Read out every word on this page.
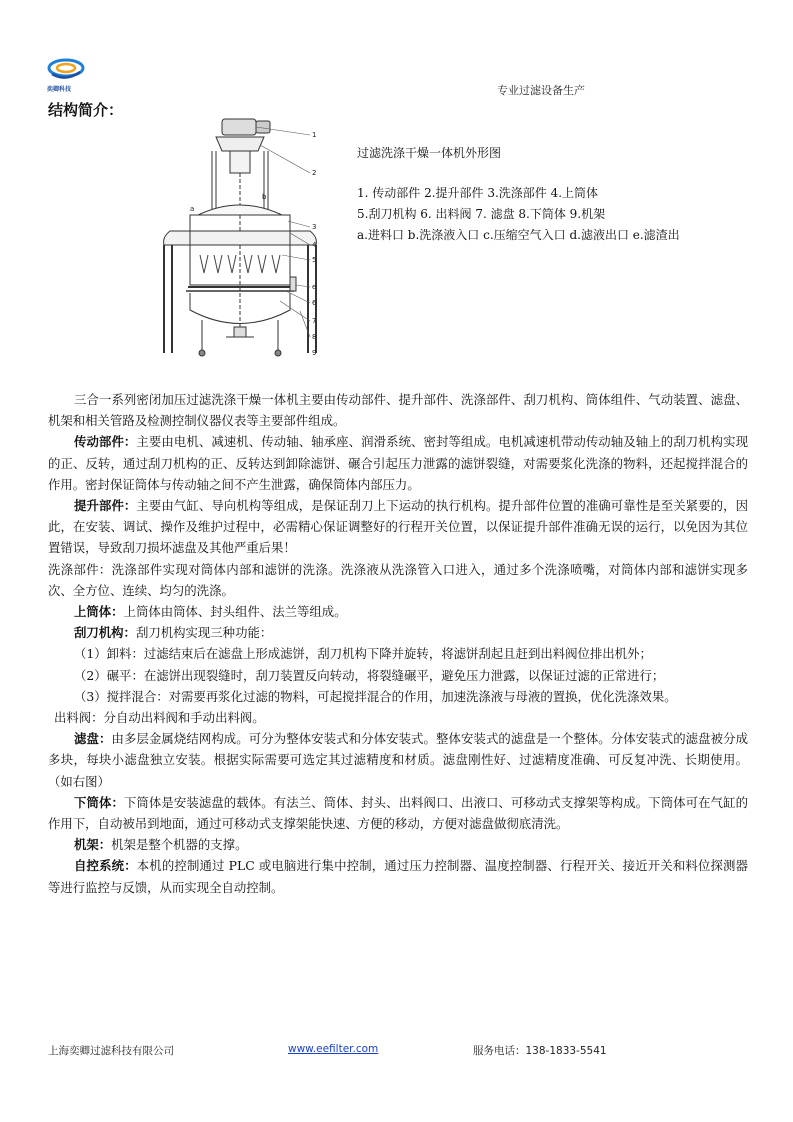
奕卿科技	专业过滤设备生产
结构简介：
1
2
3
4
5
e
6
7
8
9
a
b
过滤洗涤干燥一体机外形图
1. 传动部件 2.提升部件 3.洗涤部件 4.上筒体
5.刮刀机构 6. 出料阀 7. 滤盘 8.下筒体 9.机架
a.进料口 b.洗涤液入口 c.压缩空气入口 d.滤液出口 e.滤渣出

三合一系列密闭加压过滤洗涤干燥一体机主要由传动部件、提升部件、洗涤部件、刮刀机构、筒体组件、气动装置、滤盘、机架和相关管路及检测控制仪器仪表等主要部件组成。

传动部件：主要由电机、减速机、传动轴、轴承座、润滑系统、密封等组成。电机减速机带动传动轴及轴上的刮刀机构实现的正、反转，通过刮刀机构的正、反转达到卸除滤饼、碾合引起压力泄露的滤饼裂缝，对需要浆化洗涤的物料，还起搅拌混合的作用。密封保证筒体与传动轴之间不产生泄露，确保筒体内部压力。

提升部件：主要由气缸、导向机构等组成，是保证刮刀上下运动的执行机构。提升部件位置的准确可靠性是至关紧要的，因此，在安装、调试、操作及维护过程中，必需精心保证调整好的行程开关位置，以保证提升部件准确无误的运行，以免因为其位置错误，导致刮刀损坏滤盘及其他严重后果！

洗涤部件：洗涤部件实现对筒体内部和滤饼的洗涤。洗涤液从洗涤管入口进入，通过多个洗涤喷嘴，对筒体内部和滤饼实现多次、全方位、连续、均匀的洗涤。

上筒体：上筒体由筒体、封头组件、法兰等组成。

刮刀机构：刮刀机构实现三种功能：

（1）卸料：过滤结束后在滤盘上形成滤饼，刮刀机构下降并旋转，将滤饼刮起且赶到出料阀位排出机外；

（2）碾平：在滤饼出现裂缝时，刮刀装置反向转动，将裂缝碾平，避免压力泄露，以保证过滤的正常进行；

（3）搅拌混合：对需要再浆化过滤的物料，可起搅拌混合的作用，加速洗涤液与母液的置换，优化洗涤效果。

出料阀：分自动出料阀和手动出料阀。

滤盘：由多层金属烧结网构成。可分为整体安装式和分体安装式。整体安装式的滤盘是一个整体。分体安装式的滤盘被分成多块，每块小滤盘独立安装。根据实际需要可选定其过滤精度和材质。滤盘刚性好、过滤精度准确、可反复冲洗、长期使用。（如右图）

下筒体：下筒体是安装滤盘的载体。有法兰、筒体、封头、出料阀口、出液口、可移动式支撑架等构成。下筒体可在气缸的作用下，自动被吊到地面，通过可移动式支撑架能快速、方便的移动，方便对滤盘做彻底清洗。

机架：机架是整个机器的支撑。

自控系统：本机的控制通过 PLC 或电脑进行集中控制，通过压力控制器、温度控制器、行程开关、接近开关和料位探测器等进行监控与反馈，从而实现全自动控制。

上海奕卿过滤科技有限公司	www.eefilter.com	服务电话：138-1833-5541
